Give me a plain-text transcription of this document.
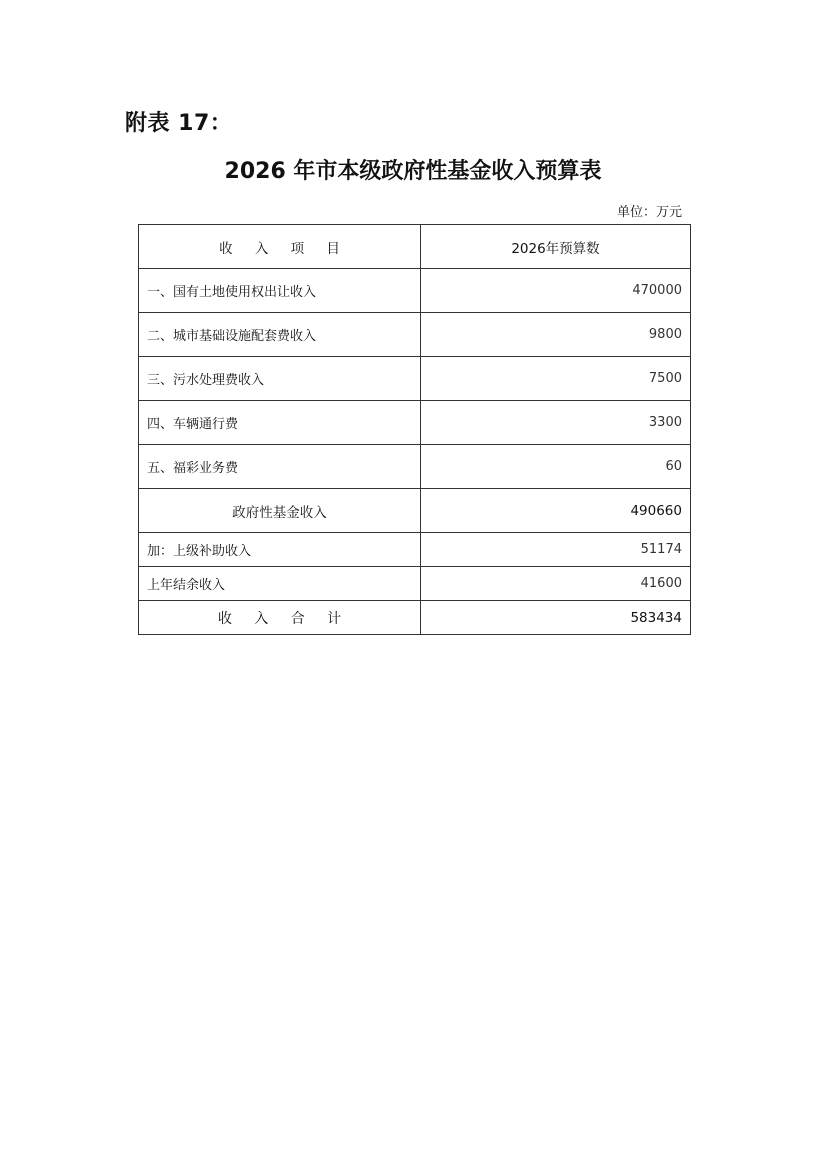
附表 17：
2026 年市本级政府性基金收入预算表
单位：万元
收 入 项 目	2026年预算数
一、国有土地使用权出让收入	470000
二、城市基础设施配套费收入	9800
三、污水处理费收入	7500
四、车辆通行费	3300
五、福彩业务费	60
政府性基金收入	490660
加：上级补助收入	51174
上年结余收入	41600
收 入 合 计	583434
